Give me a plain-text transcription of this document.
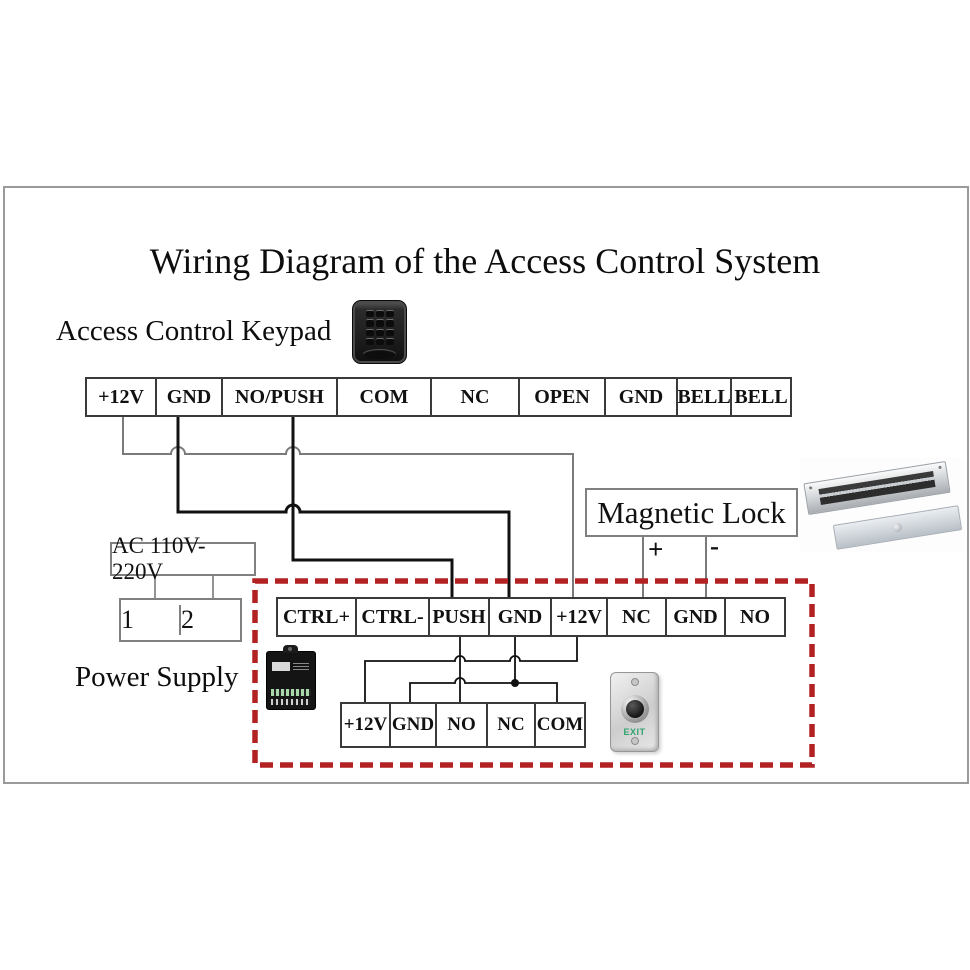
Wiring Diagram of the Access Control System
Access Control Keypad
+12V	GND	NO/PUSH	COM	NC	OPEN	GND BELL BELL
Magnetic Lock
+ -
AC 110V-220V
1	2
Power Supply
CTRL+ CTRL- PUSH GND +12V	NC	GND	NO
+12V GND NO	NC COM	EXIT
